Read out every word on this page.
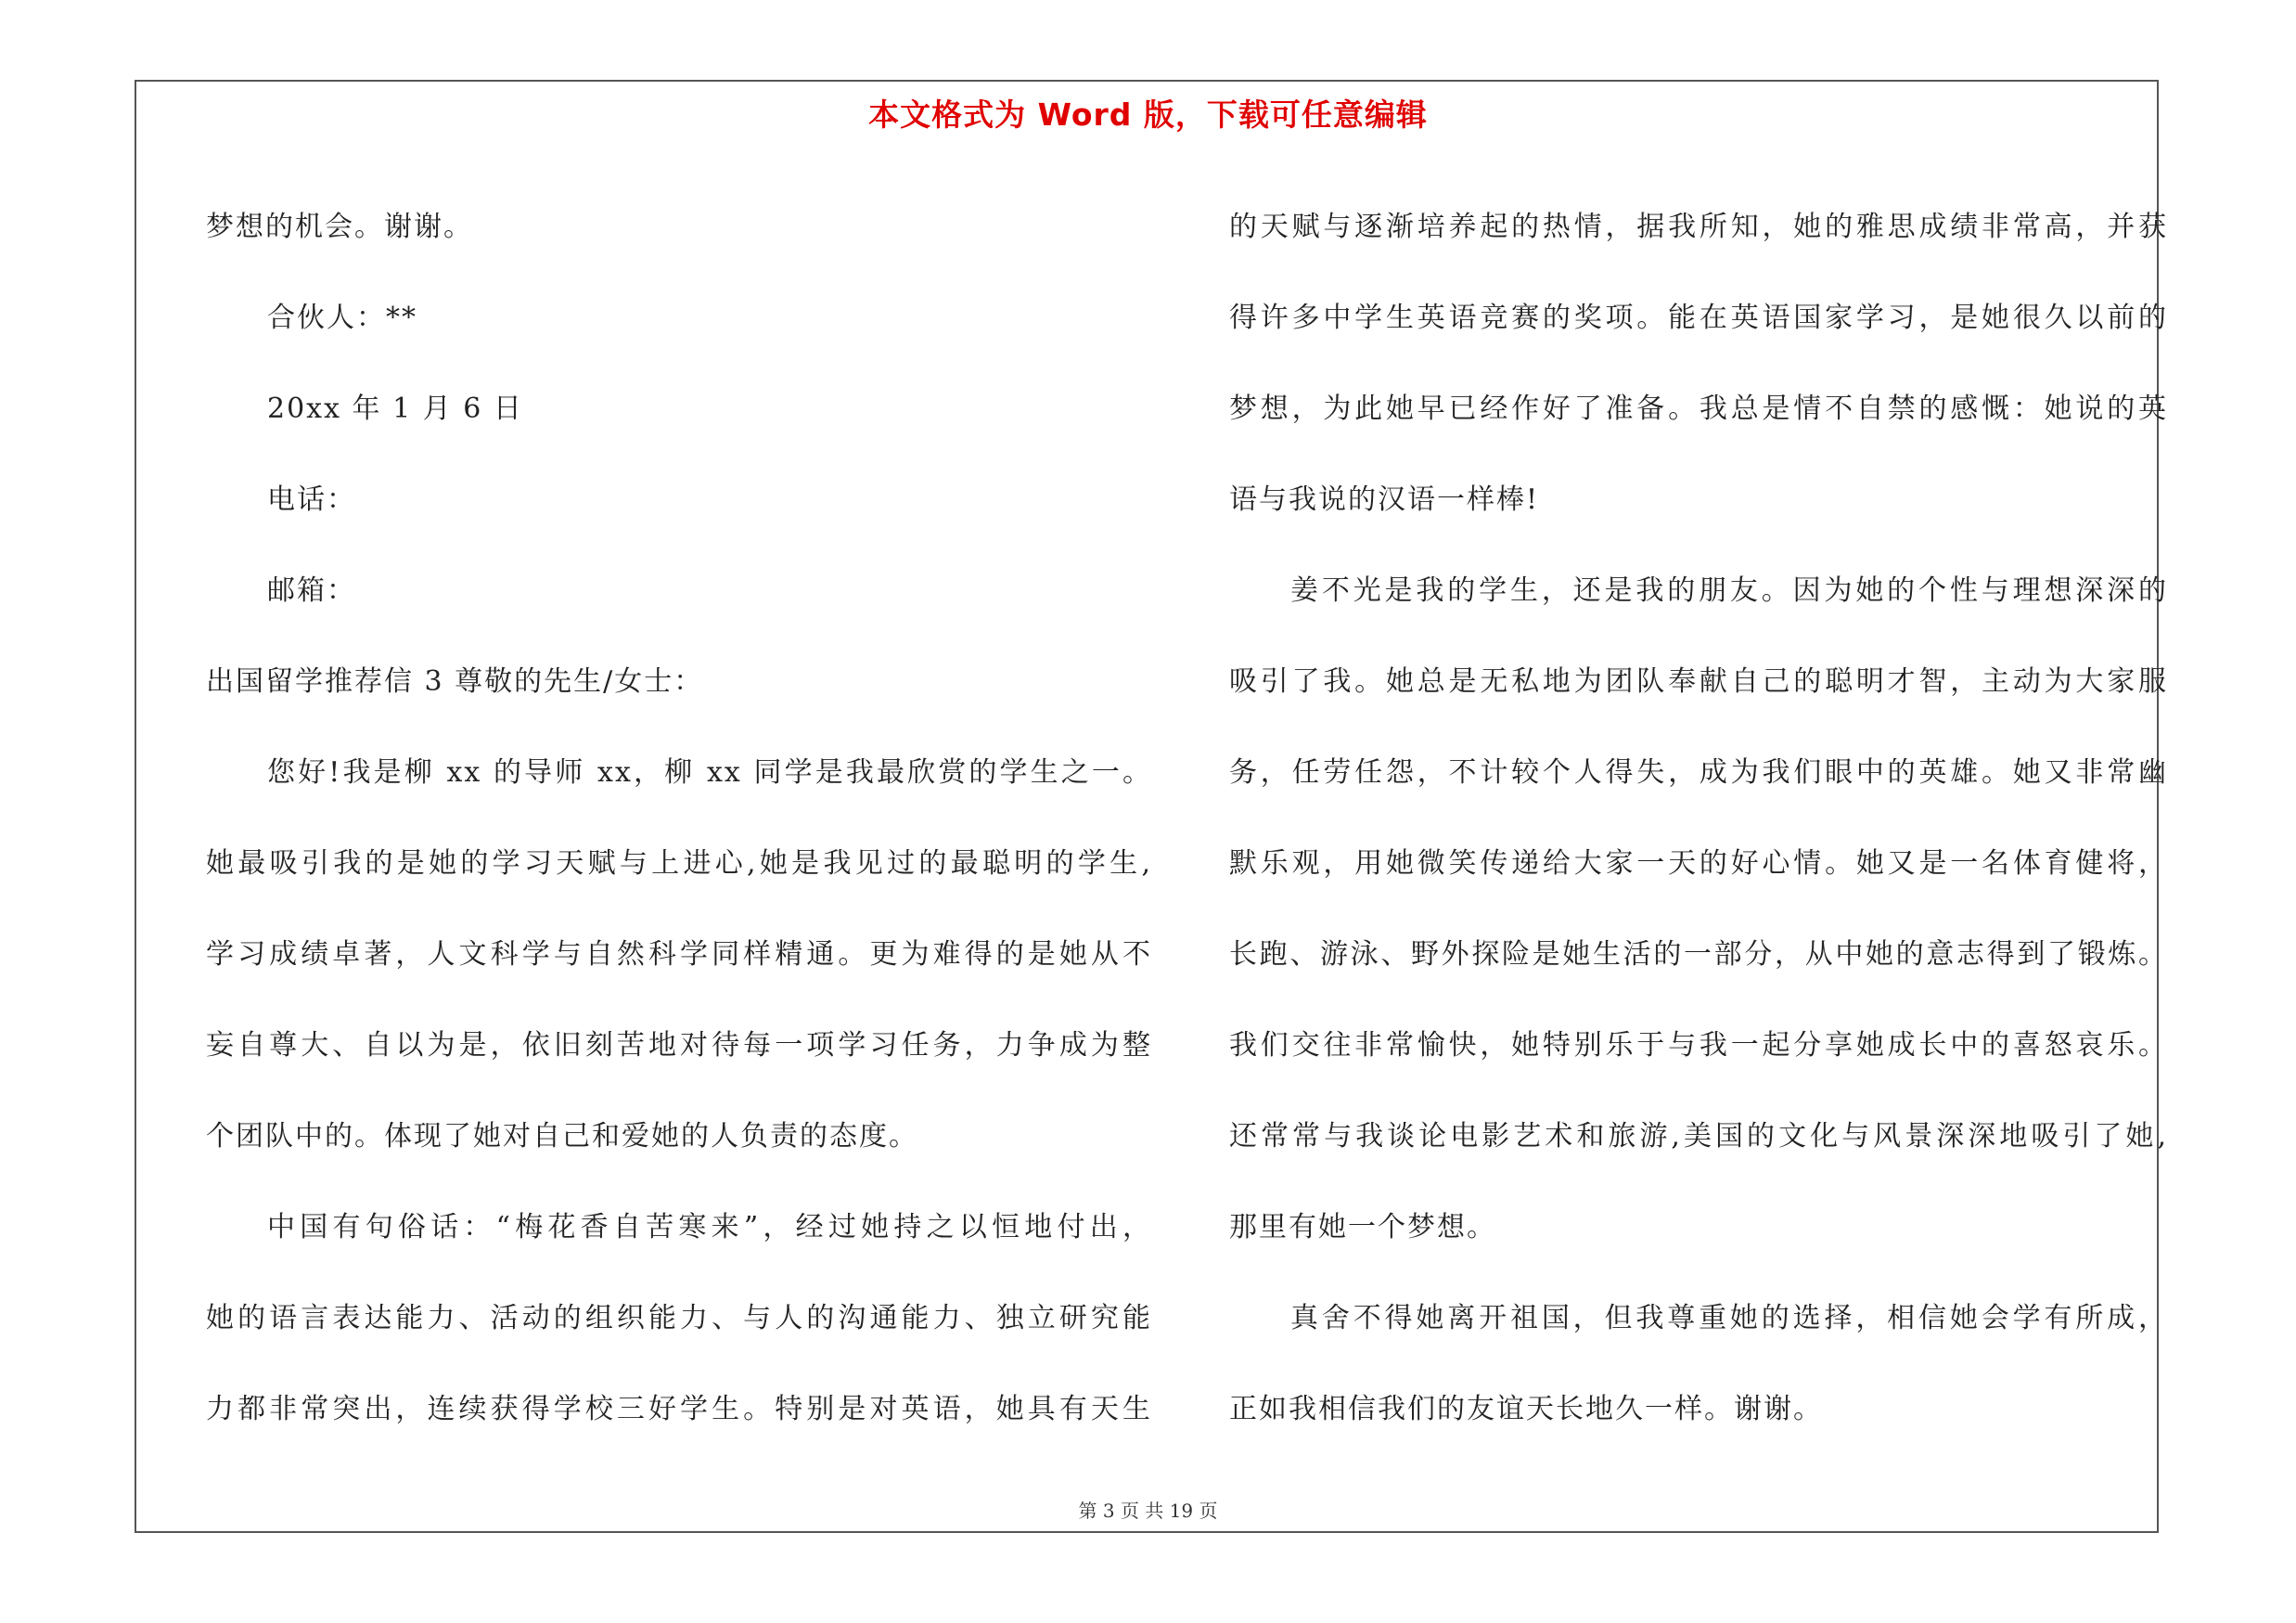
本文格式为 Word 版，下载可任意编辑
梦想的机会。谢谢。
合伙人：**
20xx 年 1 月 6 日
电话：
邮箱：
出国留学推荐信 3 尊敬的先生/女士：
您好!我是柳 xx 的导师 xx，柳 xx 同学是我最欣赏的学生之一。
她最吸引我的是她的学习天赋与上进心,她是我见过的最聪明的学生,
学习成绩卓著，人文科学与自然科学同样精通。更为难得的是她从不
妄自尊大、自以为是，依旧刻苦地对待每一项学习任务，力争成为整
个团队中的。体现了她对自己和爱她的人负责的态度。
中国有句俗话：“梅花香自苦寒来”，经过她持之以恒地付出，
她的语言表达能力、活动的组织能力、与人的沟通能力、独立研究能
力都非常突出，连续获得学校三好学生。特别是对英语，她具有天生
的天赋与逐渐培养起的热情，据我所知，她的雅思成绩非常高，并获
得许多中学生英语竞赛的奖项。能在英语国家学习，是她很久以前的
梦想，为此她早已经作好了准备。我总是情不自禁的感慨：她说的英
语与我说的汉语一样棒!
姜不光是我的学生，还是我的朋友。因为她的个性与理想深深的
吸引了我。她总是无私地为团队奉献自己的聪明才智，主动为大家服
务，任劳任怨，不计较个人得失，成为我们眼中的英雄。她又非常幽
默乐观，用她微笑传递给大家一天的好心情。她又是一名体育健将，
长跑、游泳、野外探险是她生活的一部分，从中她的意志得到了锻炼。
我们交往非常愉快，她特别乐于与我一起分享她成长中的喜怒哀乐。
还常常与我谈论电影艺术和旅游,美国的文化与风景深深地吸引了她,
那里有她一个梦想。
真舍不得她离开祖国，但我尊重她的选择，相信她会学有所成，
正如我相信我们的友谊天长地久一样。谢谢。
第 3 页 共 19 页
